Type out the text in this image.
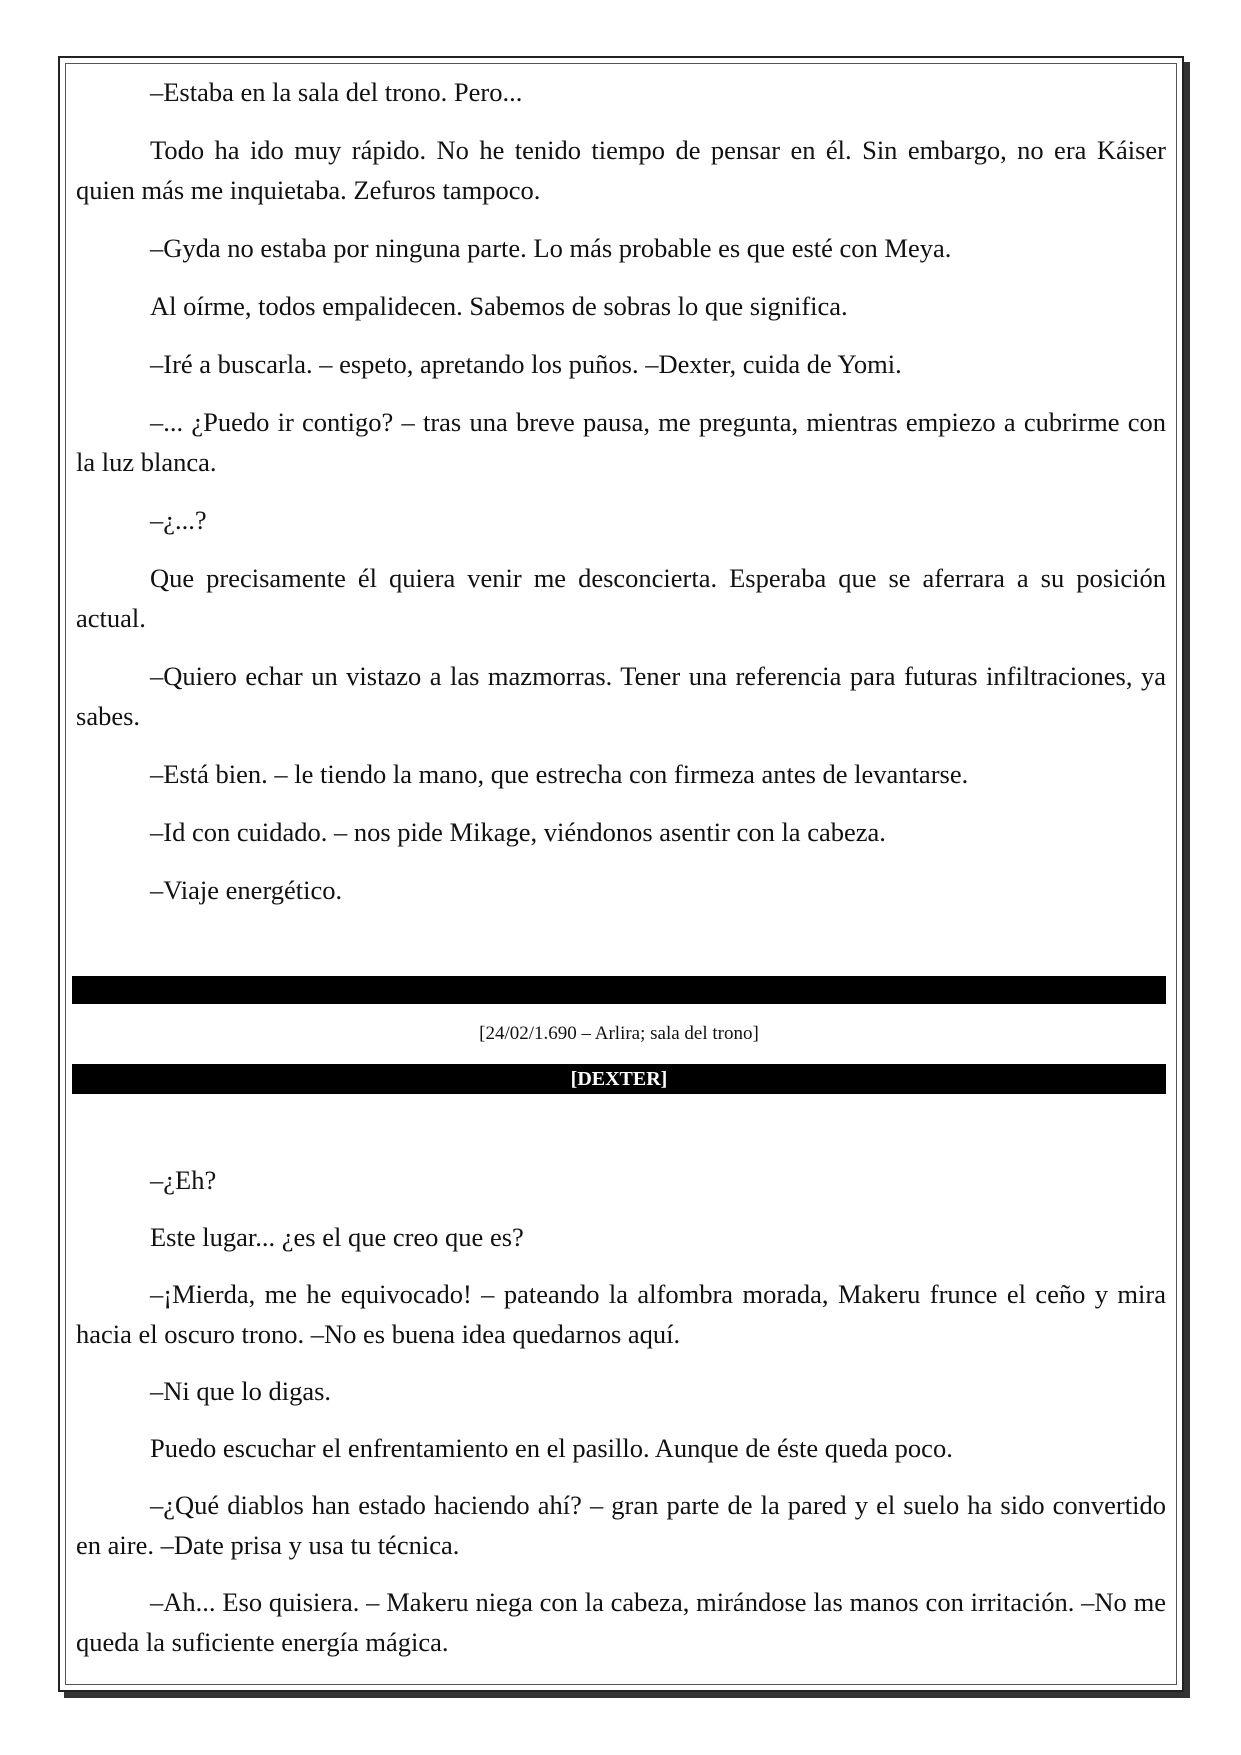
–Estaba en la sala del trono. Pero...

Todo ha ido muy rápido. No he tenido tiempo de pensar en él. Sin embargo, no era Káiser quien más me inquietaba. Zefuros tampoco.

–Gyda no estaba por ninguna parte. Lo más probable es que esté con Meya.

Al oírme, todos empalidecen. Sabemos de sobras lo que significa.

–Iré a buscarla. – espeto, apretando los puños. –Dexter, cuida de Yomi.

–... ¿Puedo ir contigo? – tras una breve pausa, me pregunta, mientras empiezo a cubrirme con la luz blanca.

–¿...?

Que precisamente él quiera venir me desconcierta. Esperaba que se aferrara a su posición actual.

–Quiero echar un vistazo a las mazmorras. Tener una referencia para futuras infiltraciones, ya sabes.

–Está bien. – le tiendo la mano, que estrecha con firmeza antes de levantarse.

–Id con cuidado. – nos pide Mikage, viéndonos asentir con la cabeza.

–Viaje energético.

[24/02/1.690 – Arlira; sala del trono]
[DEXTER]

–¿Eh?

Este lugar... ¿es el que creo que es?

–¡Mierda, me he equivocado! – pateando la alfombra morada, Makeru frunce el ceño y mira hacia el oscuro trono. –No es buena idea quedarnos aquí.

–Ni que lo digas.

Puedo escuchar el enfrentamiento en el pasillo. Aunque de éste queda poco.

–¿Qué diablos han estado haciendo ahí? – gran parte de la pared y el suelo ha sido convertido en aire. –Date prisa y usa tu técnica.

–Ah... Eso quisiera. – Makeru niega con la cabeza, mirándose las manos con irritación. –No me queda la suficiente energía mágica.
